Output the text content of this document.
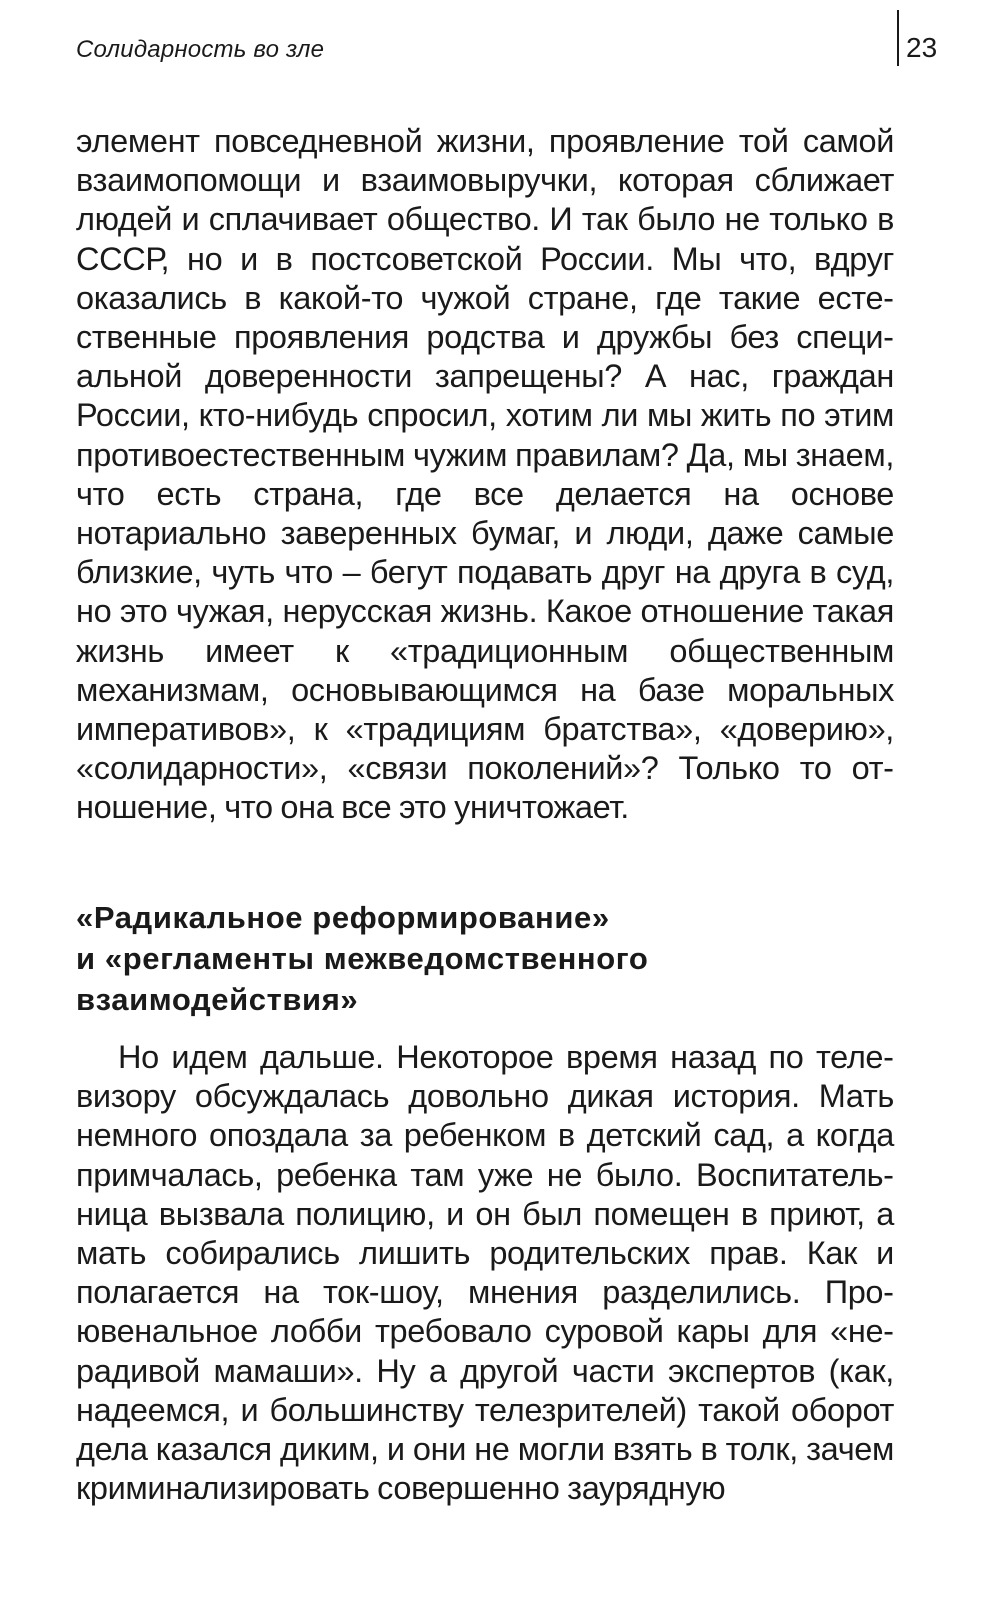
Солидарность во зле	23

элемент повседневной жизни, проявление той самой взаимопомощи и взаимовыручки, которая сближает людей и сплачивает общество. И так было не только в СССР, но и в постсоветской России. Мы что, вдруг оказались в какой-то чужой стране, где такие естественные проявления родства и дружбы без специальной доверенности запрещены? А нас, граждан России, кто-нибудь спросил, хотим ли мы жить по этим противоестественным чужим правилам? Да, мы знаем, что есть страна, где все делается на основе нотариально заверенных бумаг, и люди, даже самые близкие, чуть что – бегут подавать друг на друга в суд, но это чужая, нерусская жизнь. Какое отношение такая жизнь имеет к «традиционным общественным механизмам, основывающимся на базе моральных императивов», к «традициям братства», «доверию», «солидарности», «связи поколений»? Только то отношение, что она все это уничтожает.

«Радикальное реформирование»
и «регламенты межведомственного
взаимодействия»

Но идем дальше. Некоторое время назад по телевизору обсуждалась довольно дикая история. Мать немного опоздала за ребенком в детский сад, а когда примчалась, ребенка там уже не было. Воспитательница вызвала полицию, и он был помещен в приют, а мать собирались лишить родительских прав. Как и полагается на ток-шоу, мнения разделились. Проювенальное лобби требовало суровой кары для «нерадивой мамаши». Ну а другой части экспертов (как, надеемся, и большинству телезрителей) такой оборот дела казался диким, и они не могли взять в толк, зачем криминализировать совершенно заурядную
